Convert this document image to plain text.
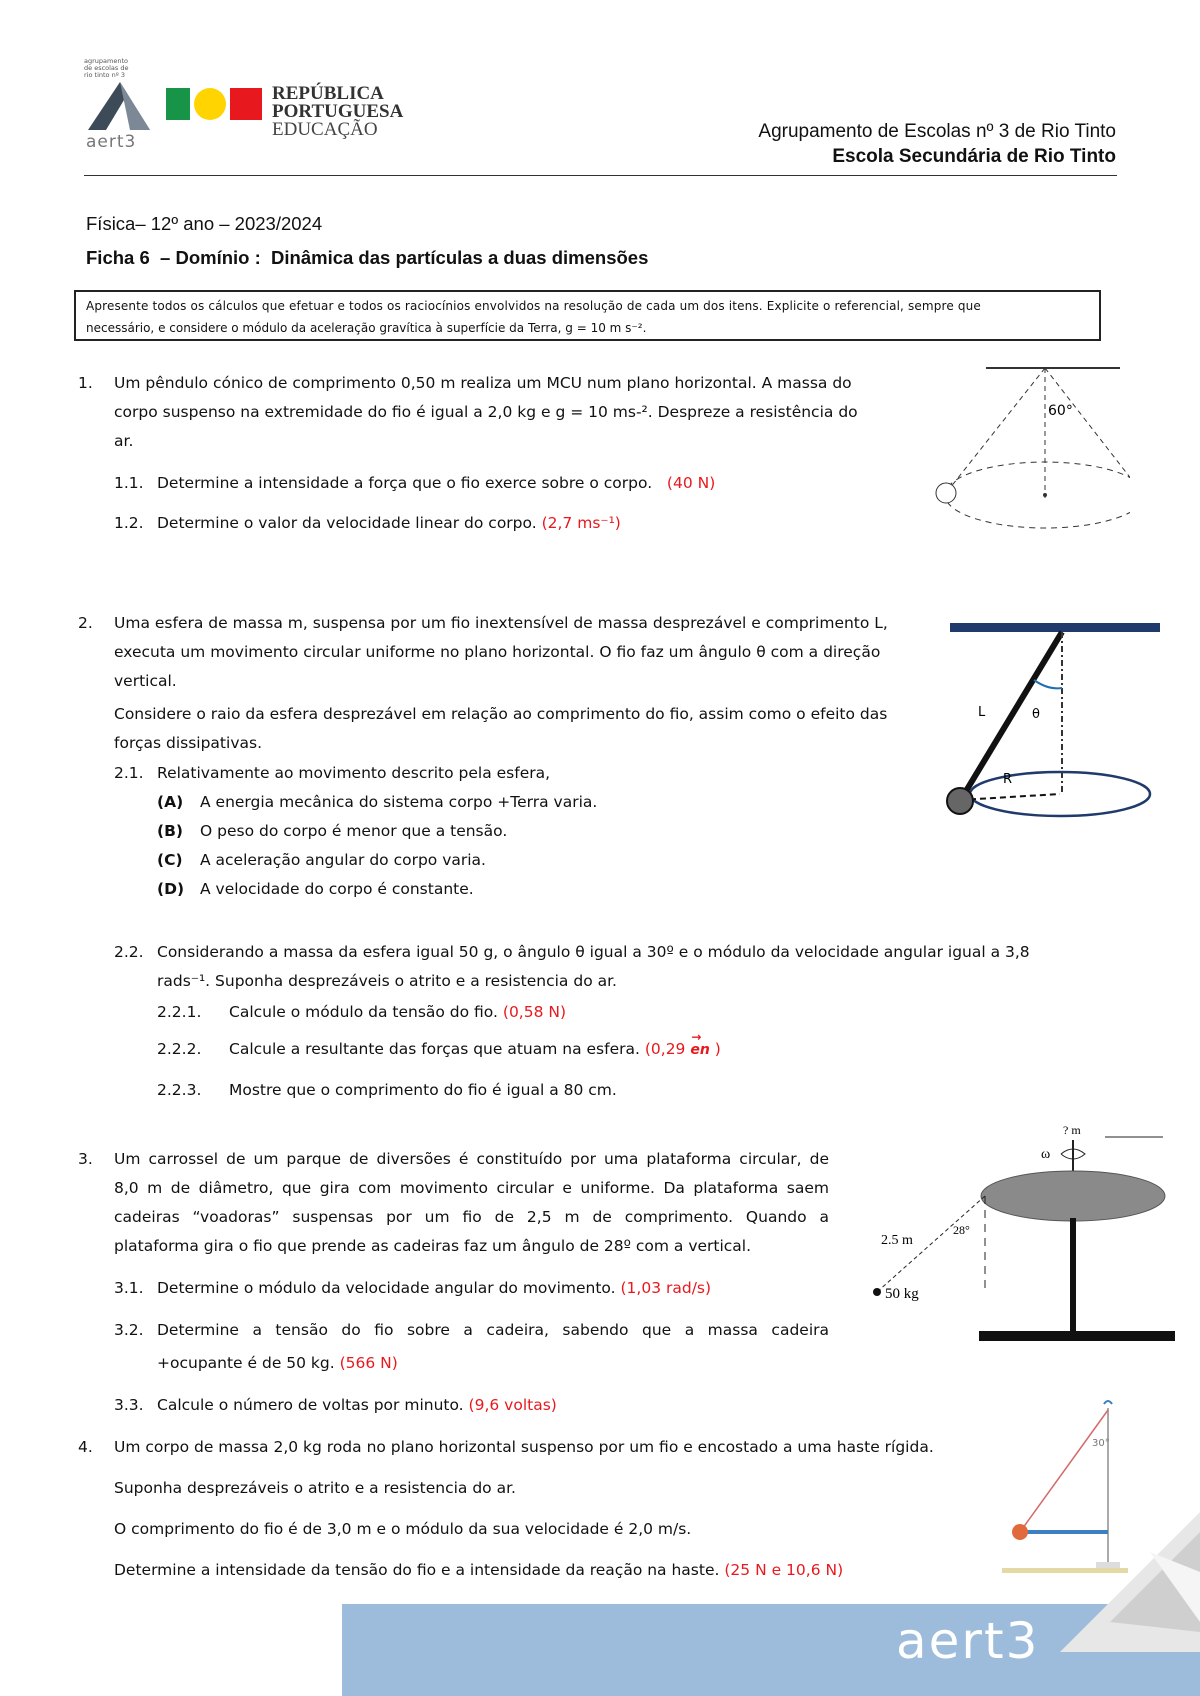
agrupamento
de escolas de
rio tinto nº 3
aert3
REPÚBLICA
PORTUGUESA
EDUCAÇÃO	Agrupamento de Escolas nº 3 de Rio Tinto
Escola Secundária de Rio Tinto
Física– 12º ano – 2023/2024
Ficha 6  – Domínio :  Dinâmica das partículas a duas dimensões
Apresente todos os cálculos que efetuar e todos os raciocínios envolvidos na resolução de cada um dos itens. Explicite o referencial, sempre que
necessário, e considere o módulo da aceleração gravítica à superfície da Terra, g = 10 m s⁻².
1. Um pêndulo cónico de comprimento 0,50 m realiza um MCU num plano horizontal. A massa do
corpo suspenso na extremidade do fio é igual a 2,0 kg e g = 10 ms-². Despreze a resistência do
ar.
1.1. Determine a intensidade a força que o fio exerce sobre o corpo. (40 N)
1.2. Determine o valor da velocidade linear do corpo. (2,7 ms⁻¹)
60°
2. Uma esfera de massa m, suspensa por um fio inextensível de massa desprezável e comprimento L,
executa um movimento circular uniforme no plano horizontal. O fio faz um ângulo θ com a direção
vertical.
Considere o raio da esfera desprezável em relação ao comprimento do fio, assim como o efeito das
forças dissipativas.
2.1. Relativamente ao movimento descrito pela esfera,
(A) A energia mecânica do sistema corpo +Terra varia.
(B) O peso do corpo é menor que a tensão.
(C) A aceleração angular do corpo varia.
(D) A velocidade do corpo é constante.
2.2. Considerando a massa da esfera igual 50 g, o ângulo θ igual a 30º e o módulo da velocidade angular igual a 3,8
rads⁻¹. Suponha desprezáveis o atrito e a resistencia do ar.
2.2.1. Calcule o módulo da tensão do fio. (0,58 N)
2.2.2. Calcule a resultante das forças que atuam na esfera. (0,29
→
en )
2.2.3. Mostre que o comprimento do fio é igual a 80 cm.
L	θ
R
3. Um carrossel de um parque de diversões é constituído por uma plataforma circular, de
8,0 m de diâmetro, que gira com movimento circular e uniforme. Da plataforma saem
cadeiras “voadoras” suspensas por um fio de 2,5 m de comprimento. Quando a
plataforma gira o fio que prende as cadeiras faz um ângulo de 28º com a vertical.
3.1. Determine o módulo da velocidade angular do movimento. (1,03 rad/s)
3.2. Determine a tensão do fio sobre a cadeira, sabendo que a massa cadeira
+ocupante é de 50 kg. (566 N)
3.3. Calcule o número de voltas por minuto. (9,6 voltas)
? m
ω
2.5 m
28°
50 kg
4. Um corpo de massa 2,0 kg roda no plano horizontal suspenso por um fio e encostado a uma haste rígida.
Suponha desprezáveis o atrito e a resistencia do ar.
O comprimento do fio é de 3,0 m e o módulo da sua velocidade é 2,0 m/s.
Determine a intensidade da tensão do fio e a intensidade da reação na haste. (25 N e 10,6 N)
30°
aert3
